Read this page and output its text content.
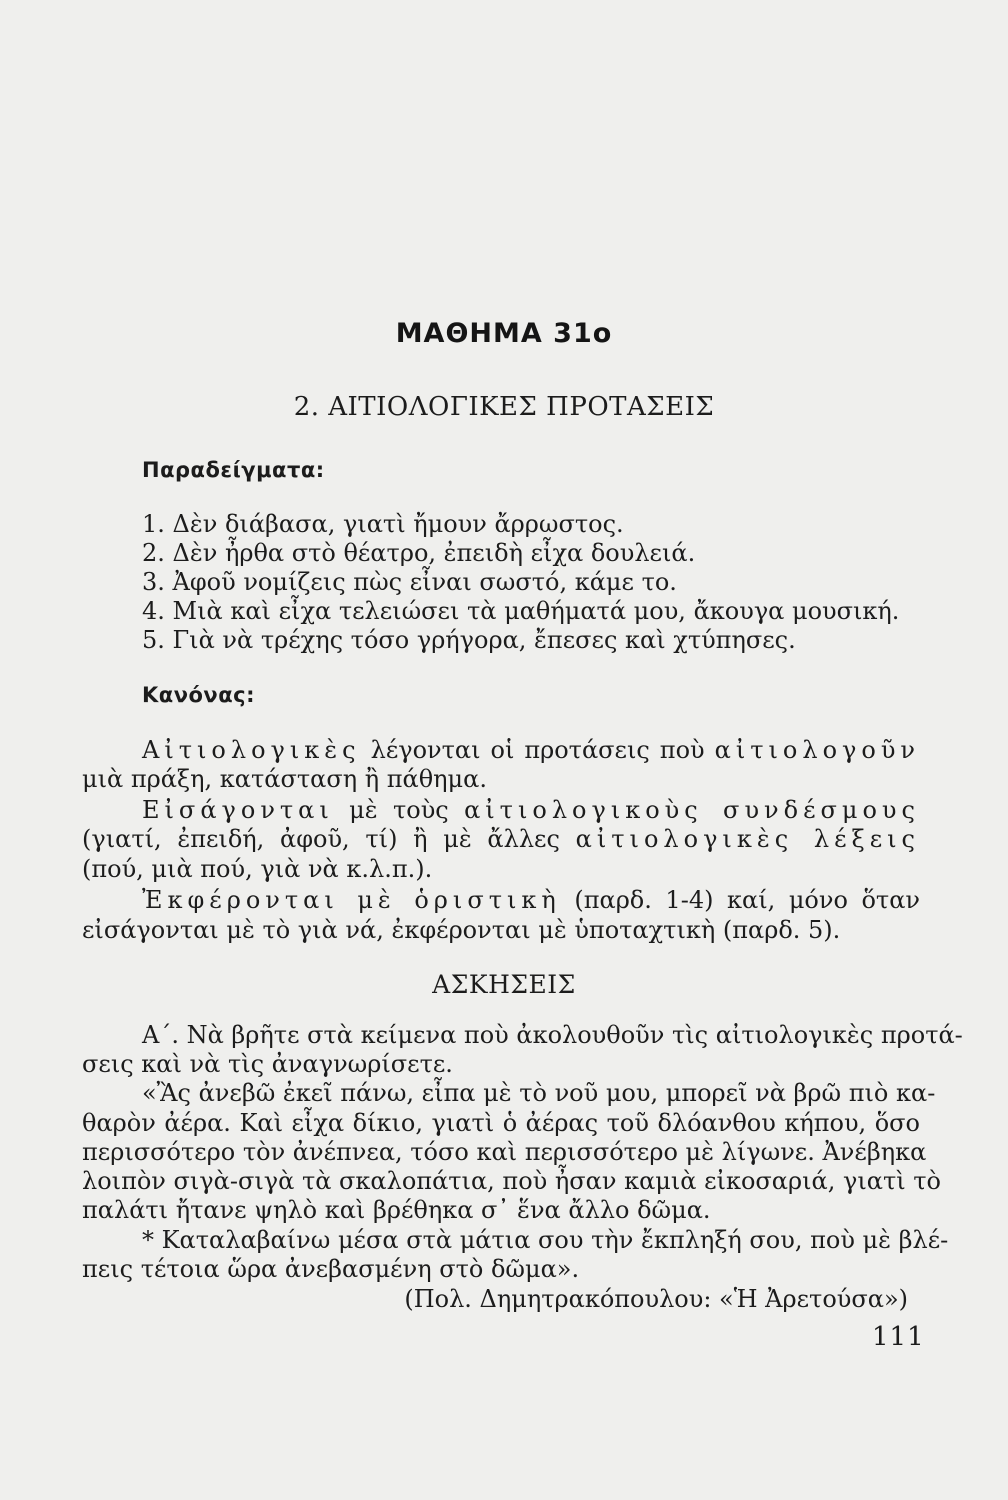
ΜΑΘΗΜΑ 31ο
2. ΑΙΤΙΟΛΟΓΙΚΕΣ ΠΡΟΤΑΣΕΙΣ
Παραδείγματα:
1. Δὲν διάβασα, γιατὶ ἤμουν ἄρρωστος.
2. Δὲν ἦρθα στὸ θέατρο, ἐπειδὴ εἶχα δουλειά.
3. Ἀφοῦ νομίζεις πὼς εἶναι σωστό, κάμε το.
4. Μιὰ καὶ εἶχα τελειώσει τὰ μαθήματά μου, ἄκουγα μουσική.
5. Γιὰ νὰ τρέχης τόσο γρήγορα, ἔπεσες καὶ χτύπησες.
Κανόνας:
Αἰτιολογικὲς λέγονται οἱ προτάσεις ποὺ αἰτιολογοῦν
μιὰ πράξη, κατάσταση ἢ πάθημα.
Εἰσάγονται μὲ τοὺς αἰτιολογικοὺς συνδέσμους
(γιατί, ἐπειδή, ἀφοῦ, τί) ἢ μὲ ἄλλες αἰτιολογικὲς λέξεις
(πού, μιὰ πού, γιὰ νὰ κ.λ.π.).
Ἐκφέρονται μὲ ὁριστικὴ (παρδ. 1-4) καί, μόνο ὅταν
εἰσάγονται μὲ τὸ γιὰ νά, ἐκφέρονται μὲ ὑποταχτικὴ (παρδ. 5).
ΑΣΚΗΣΕΙΣ
Α΄. Νὰ βρῆτε στὰ κείμενα ποὺ ἀκολουθοῦν τὶς αἰτιολογικὲς προτά-
σεις καὶ νὰ τὶς ἀναγνωρίσετε.
«Ἂς ἀνεβῶ ἐκεῖ πάνω, εἶπα μὲ τὸ νοῦ μου, μπορεῖ νὰ βρῶ πιὸ κα-
θαρὸν ἀέρα. Καὶ εἶχα δίκιο, γιατὶ ὁ ἀέρας τοῦ δλόανθου κήπου, ὅσο
περισσότερο τὸν ἀνέπνεα, τόσο καὶ περισσότερο μὲ λίγωνε. Ἀνέβηκα
λοιπὸν σιγὰ-σιγὰ τὰ σκαλοπάτια, ποὺ ἦσαν καμιὰ εἰκοσαριά, γιατὶ τὸ
παλάτι ἤτανε ψηλὸ καὶ βρέθηκα σ᾿ ἕνα ἄλλο δῶμα.
* Καταλαβαίνω μέσα στὰ μάτια σου τὴν ἔκπληξή σου, ποὺ μὲ βλέ-
πεις τέτοια ὥρα ἀνεβασμένη στὸ δῶμα».
(Πολ. Δημητρακόπουλου: «Ἡ Ἀρετούσα»)
111
